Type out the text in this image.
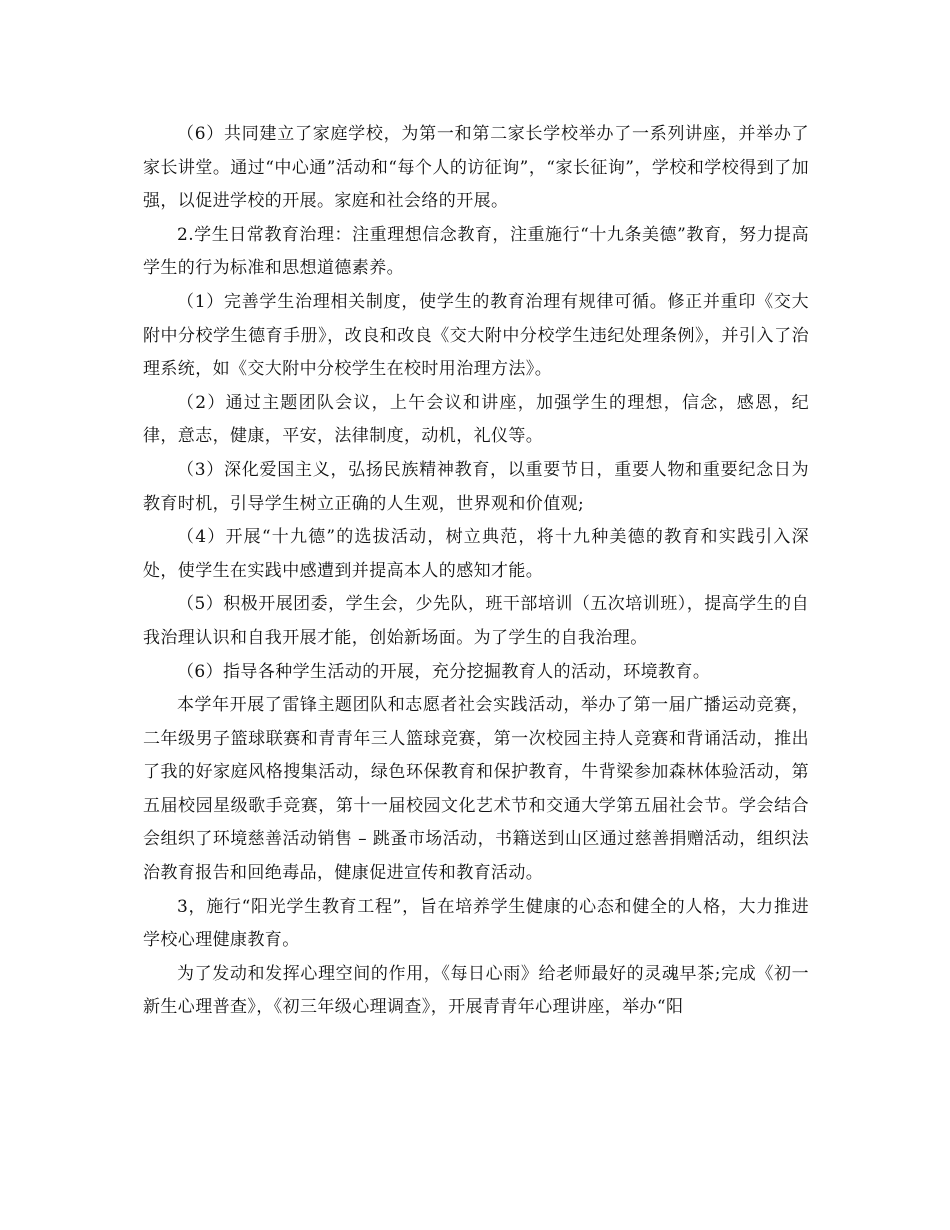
（6）共同建立了家庭学校，为第一和第二家长学校举办了一系列讲座，并举办了家长讲堂。通过“中心通”活动和“每个人的访征询”，“家长征询”，学校和学校得到了加强，以促进学校的开展。家庭和社会络的开展。

2.学生日常教育治理：注重理想信念教育，注重施行“十九条美德”教育，努力提高学生的行为标准和思想道德素养。

（1）完善学生治理相关制度，使学生的教育治理有规律可循。修正并重印《交大附中分校学生德育手册》，改良和改良《交大附中分校学生违纪处理条例》，并引入了治理系统，如《交大附中分校学生在校时用治理方法》。

（2）通过主题团队会议，上午会议和讲座，加强学生的理想，信念，感恩，纪律，意志，健康，平安，法律制度，动机，礼仪等。

（3）深化爱国主义，弘扬民族精神教育，以重要节日，重要人物和重要纪念日为教育时机，引导学生树立正确的人生观，世界观和价值观;

（4）开展“十九德”的选拔活动，树立典范，将十九种美德的教育和实践引入深处，使学生在实践中感遭到并提高本人的感知才能。

（5）积极开展团委，学生会，少先队，班干部培训（五次培训班），提高学生的自我治理认识和自我开展才能，创始新场面。为了学生的自我治理。

（6）指导各种学生活动的开展，充分挖掘教育人的活动，环境教育。

本学年开展了雷锋主题团队和志愿者社会实践活动，举办了第一届广播运动竞赛，二年级男子篮球联赛和青青年三人篮球竞赛，第一次校园主持人竞赛和背诵活动，推出了我的好家庭风格搜集活动，绿色环保教育和保护教育，牛背梁参加森林体验活动，第五届校园星级歌手竞赛，第十一届校园文化艺术节和交通大学第五届社会节。学会结合会组织了环境慈善活动销售 – 跳蚤市场活动，书籍送到山区通过慈善捐赠活动，组织法治教育报告和回绝毒品，健康促进宣传和教育活动。

3，施行“阳光学生教育工程”，旨在培养学生健康的心态和健全的人格，大力推进学校心理健康教育。

为了发动和发挥心理空间的作用，《每日心雨》给老师最好的灵魂早茶;完成《初一新生心理普查》，《初三年级心理调查》，开展青青年心理讲座，举办“阳
